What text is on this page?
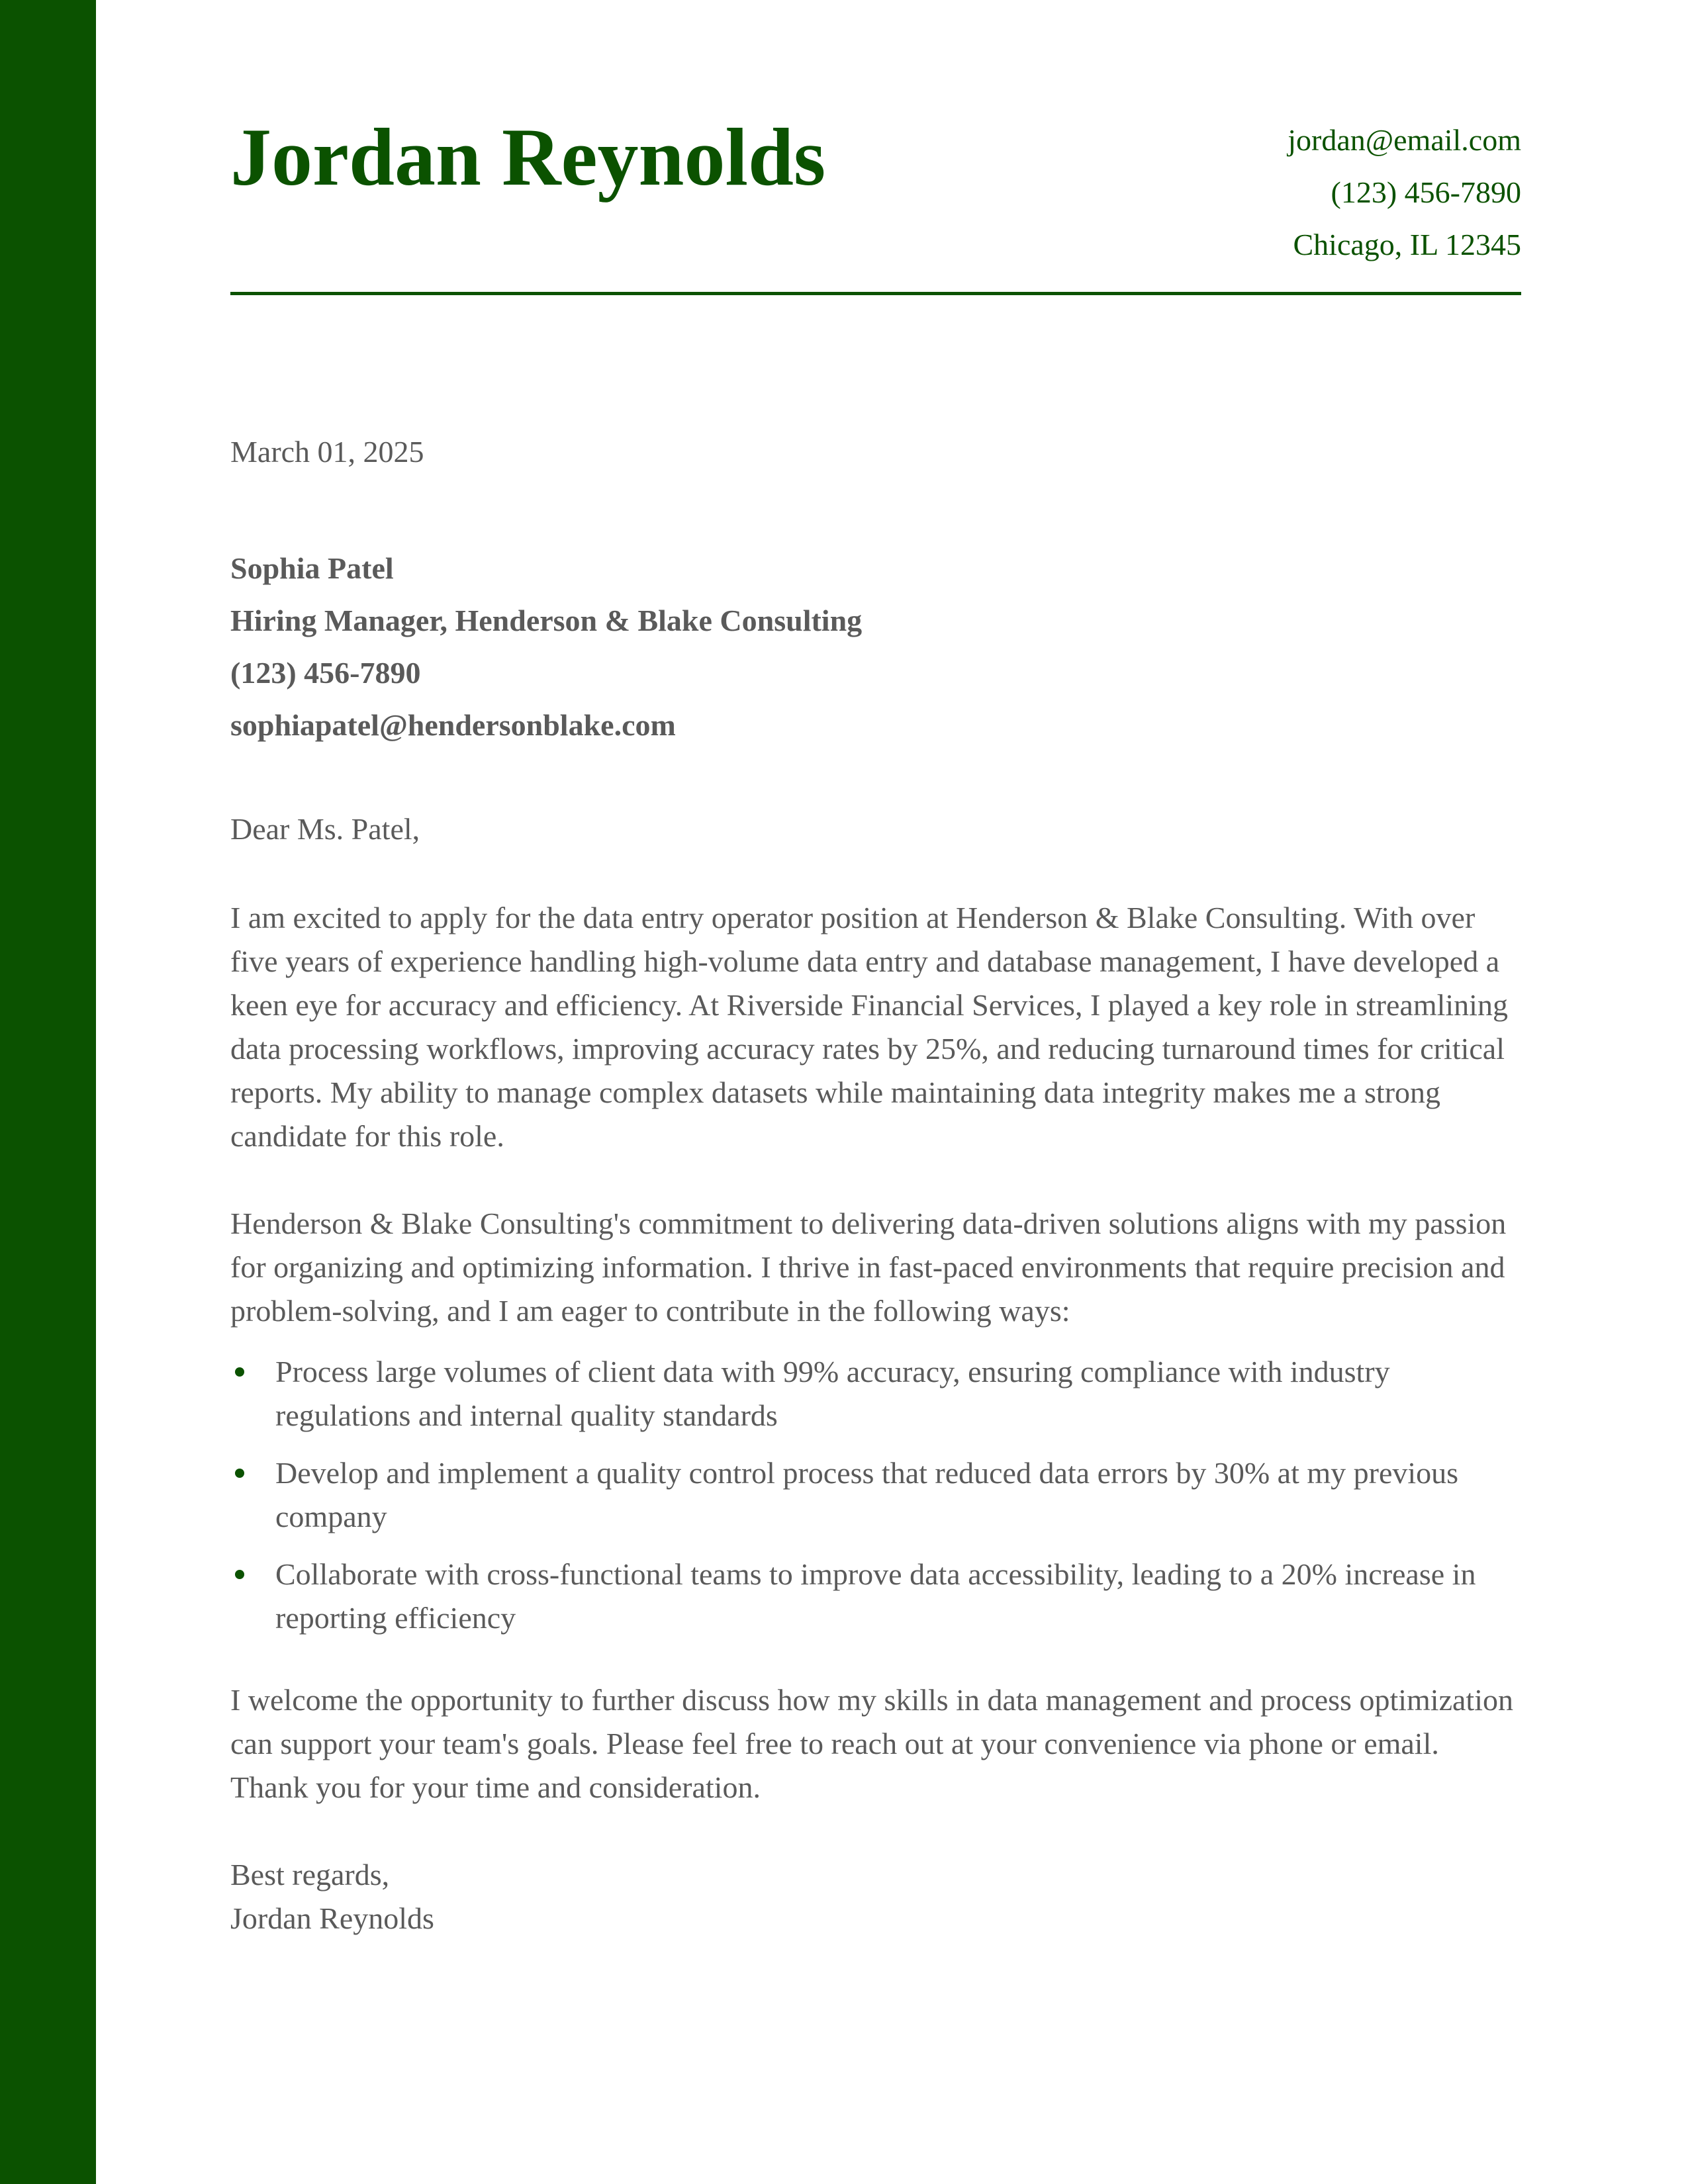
Jordan Reynolds	jordan@email.com
(123) 456-7890
Chicago, IL 12345

March 01, 2025

Sophia Patel
Hiring Manager, Henderson & Blake Consulting
(123) 456-7890
sophiapatel@hendersonblake.com

Dear Ms. Patel,

I am excited to apply for the data entry operator position at Henderson & Blake Consulting. With over five years of experience handling high-volume data entry and database management, I have developed a keen eye for accuracy and efficiency. At Riverside Financial Services, I played a key role in streamlining data processing workflows, improving accuracy rates by 25%, and reducing turnaround times for critical reports. My ability to manage complex datasets while maintaining data integrity makes me a strong candidate for this role.

Henderson & Blake Consulting's commitment to delivering data-driven solutions aligns with my passion for organizing and optimizing information. I thrive in fast-paced environments that require precision and problem-solving, and I am eager to contribute in the following ways:

Process large volumes of client data with 99% accuracy, ensuring compliance with industry regulations and internal quality standards
Develop and implement a quality control process that reduced data errors by 30% at my previous company
Collaborate with cross-functional teams to improve data accessibility, leading to a 20% increase in reporting efficiency

I welcome the opportunity to further discuss how my skills in data management and process optimization can support your team's goals. Please feel free to reach out at your convenience via phone or email. Thank you for your time and consideration.

Best regards,
Jordan Reynolds
